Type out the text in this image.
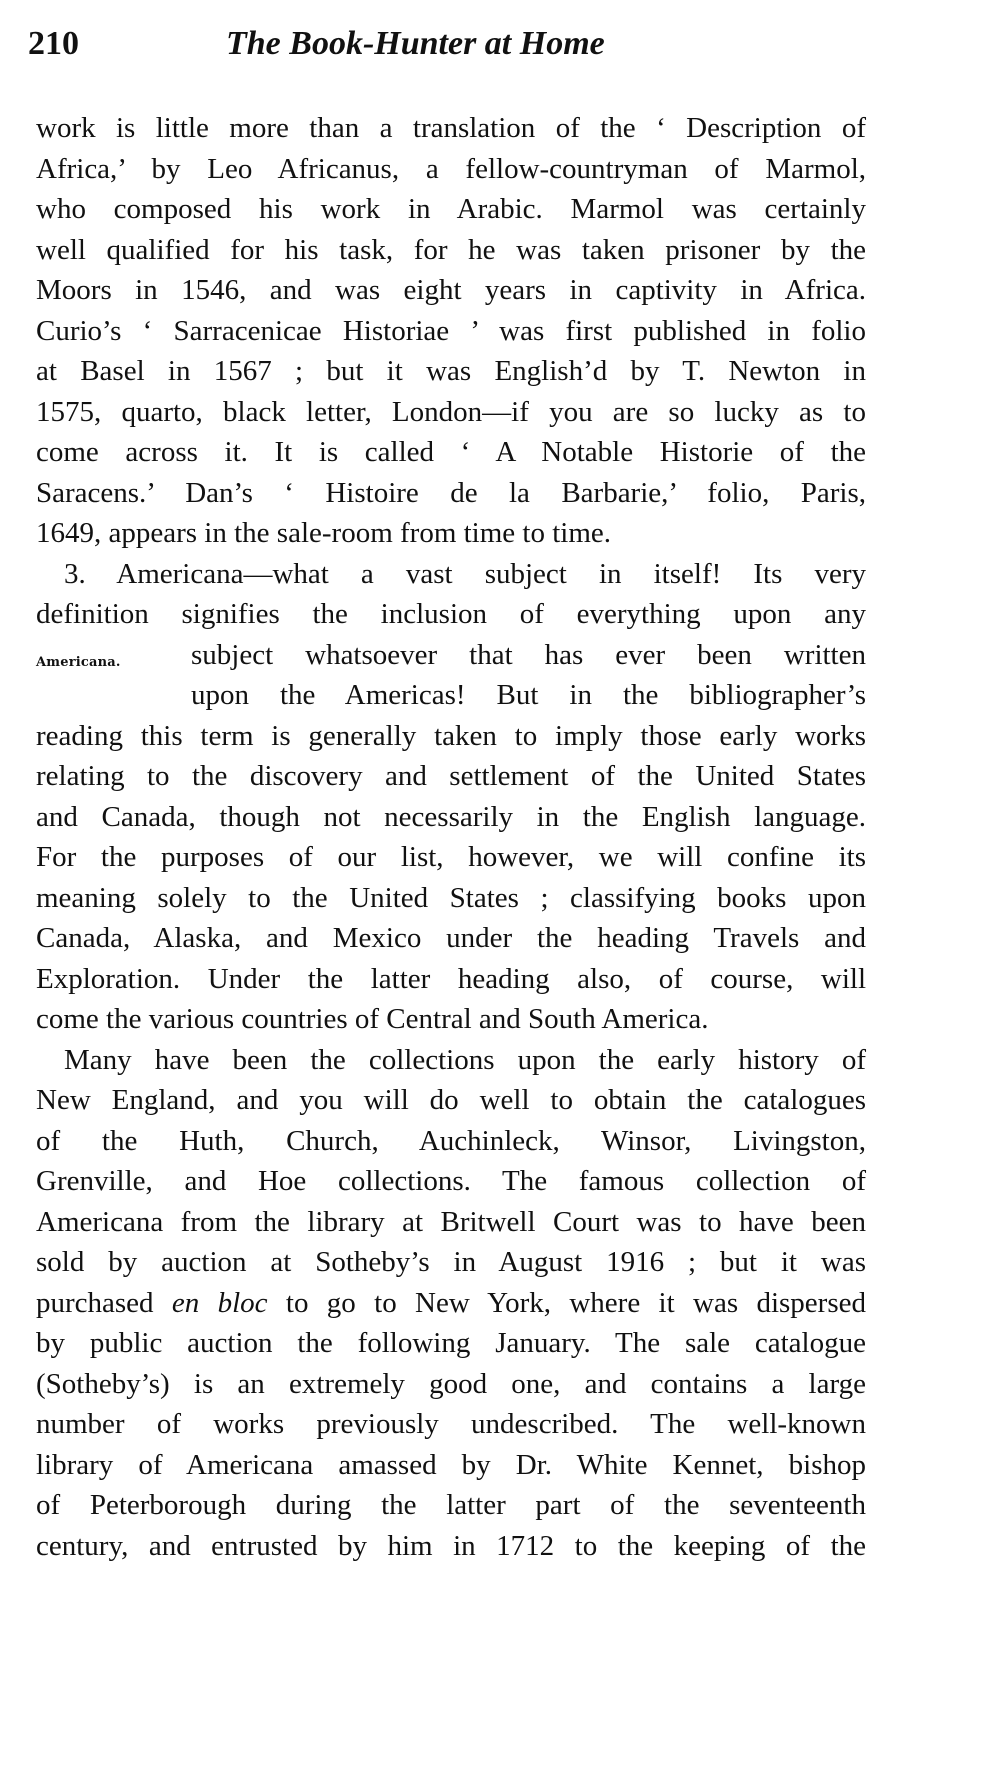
210	The Book-Hunter at Home
work is little more than a translation of the ‘ Description of
Africa,’ by Leo Africanus, a fellow-countryman of Marmol,
who composed his work in Arabic. Marmol was certainly
well qualified for his task, for he was taken prisoner by the
Moors in 1546, and was eight years in captivity in Africa.
Curio’s ‘ Sarracenicae Historiae ’ was first published in folio
at Basel in 1567 ; but it was English’d by T. Newton in
1575, quarto, black letter, London—if you are so lucky as to
come across it. It is called ‘ A Notable Historie of the
Saracens.’ Dan’s ‘ Histoire de la Barbarie,’ folio, Paris,
1649, appears in the sale-room from time to time.
Americana.
3. Americana—what a vast subject in itself! Its very
definition signifies the inclusion of everything upon any
subject whatsoever that has ever been written
upon the Americas! But in the bibliographer’s
reading this term is generally taken to imply those early works
relating to the discovery and settlement of the United States
and Canada, though not necessarily in the English language.
For the purposes of our list, however, we will confine its
meaning solely to the United States ; classifying books upon
Canada, Alaska, and Mexico under the heading Travels and
Exploration. Under the latter heading also, of course, will
come the various countries of Central and South America.
Many have been the collections upon the early history of
New England, and you will do well to obtain the catalogues
of the Huth, Church, Auchinleck, Winsor, Livingston,
Grenville, and Hoe collections. The famous collection of
Americana from the library at Britwell Court was to have been
sold by auction at Sotheby’s in August 1916 ; but it was
purchased en bloc to go to New York, where it was dispersed
by public auction the following January. The sale catalogue
(Sotheby’s) is an extremely good one, and contains a large
number of works previously undescribed. The well-known
library of Americana amassed by Dr. White Kennet, bishop
of Peterborough during the latter part of the seventeenth
century, and entrusted by him in 1712 to the keeping of the
